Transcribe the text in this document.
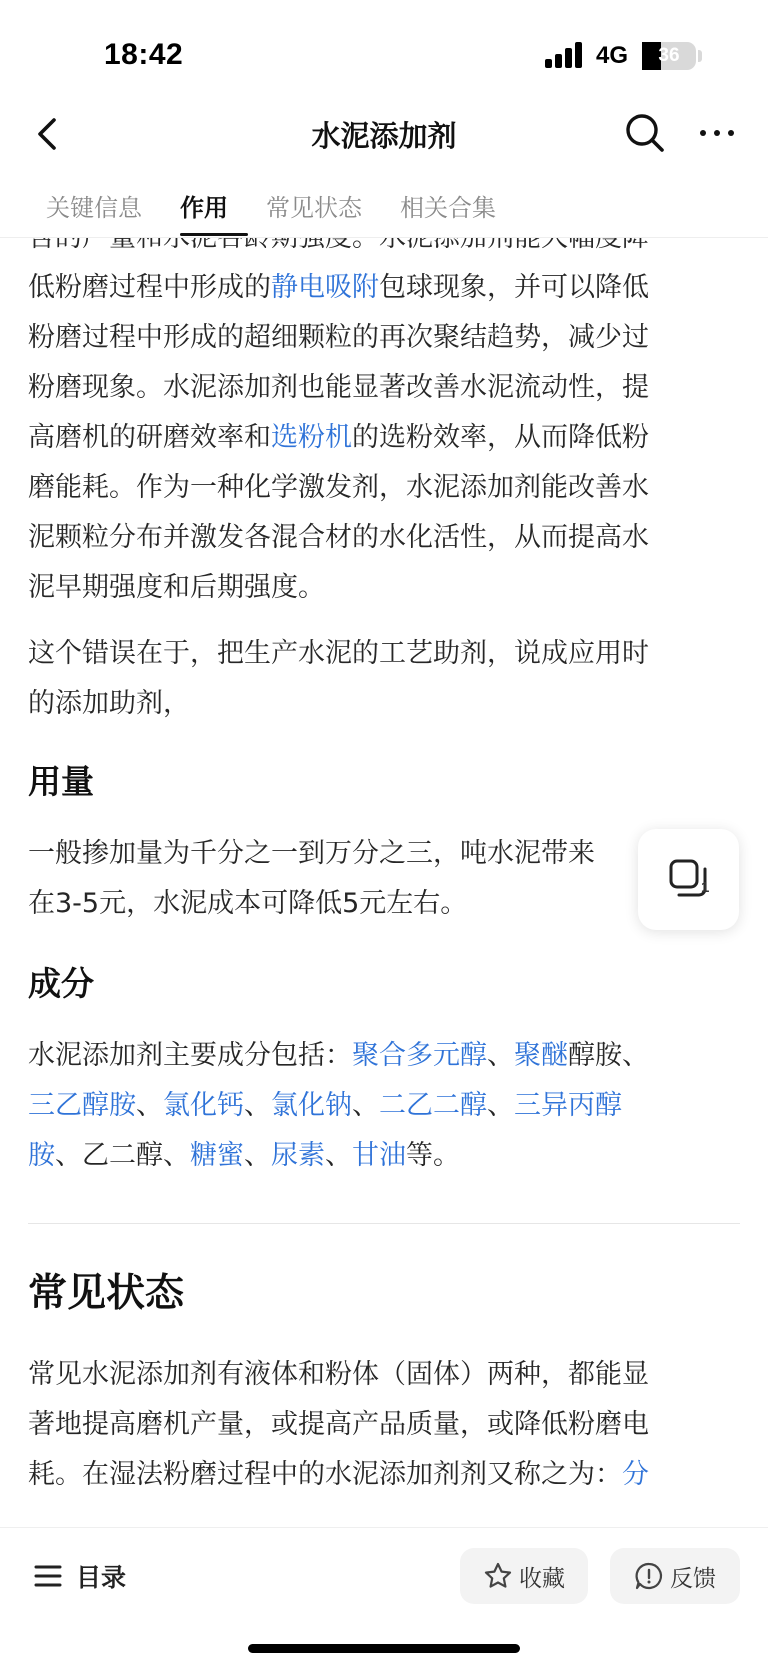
18:42	4G	36
水泥添加剂
关键信息 作用 常见状态 相关合集
低粉磨过程中形成的静电吸附包球现象，并可以降低
粉磨过程中形成的超细颗粒的再次聚结趋势，减少过
粉磨现象。水泥添加剂也能显著改善水泥流动性，提
高磨机的研磨效率和选粉机的选粉效率，从而降低粉
磨能耗。作为一种化学激发剂，水泥添加剂能改善水
泥颗粒分布并激发各混合材的水化活性，从而提高水
泥早期强度和后期强度。
这个错误在于，把生产水泥的工艺助剂，说成应用时
的添加助剂，
用量
一般掺加量为千分之一到万分之三，吨水泥带来
在3-5元，水泥成本可降低5元左右。
成分
水泥添加剂主要成分包括：聚合多元醇、聚醚醇胺、
三乙醇胺、氯化钙、氯化钠、二乙二醇、三异丙醇
胺、乙二醇、糖蜜、尿素、甘油等。
常见状态
常见水泥添加剂有液体和粉体（固体）两种，都能显
著地提高磨机产量，或提高产品质量，或降低粉磨电
耗。在湿法粉磨过程中的水泥添加剂剂又称之为：分
1
目录	收藏	反馈
